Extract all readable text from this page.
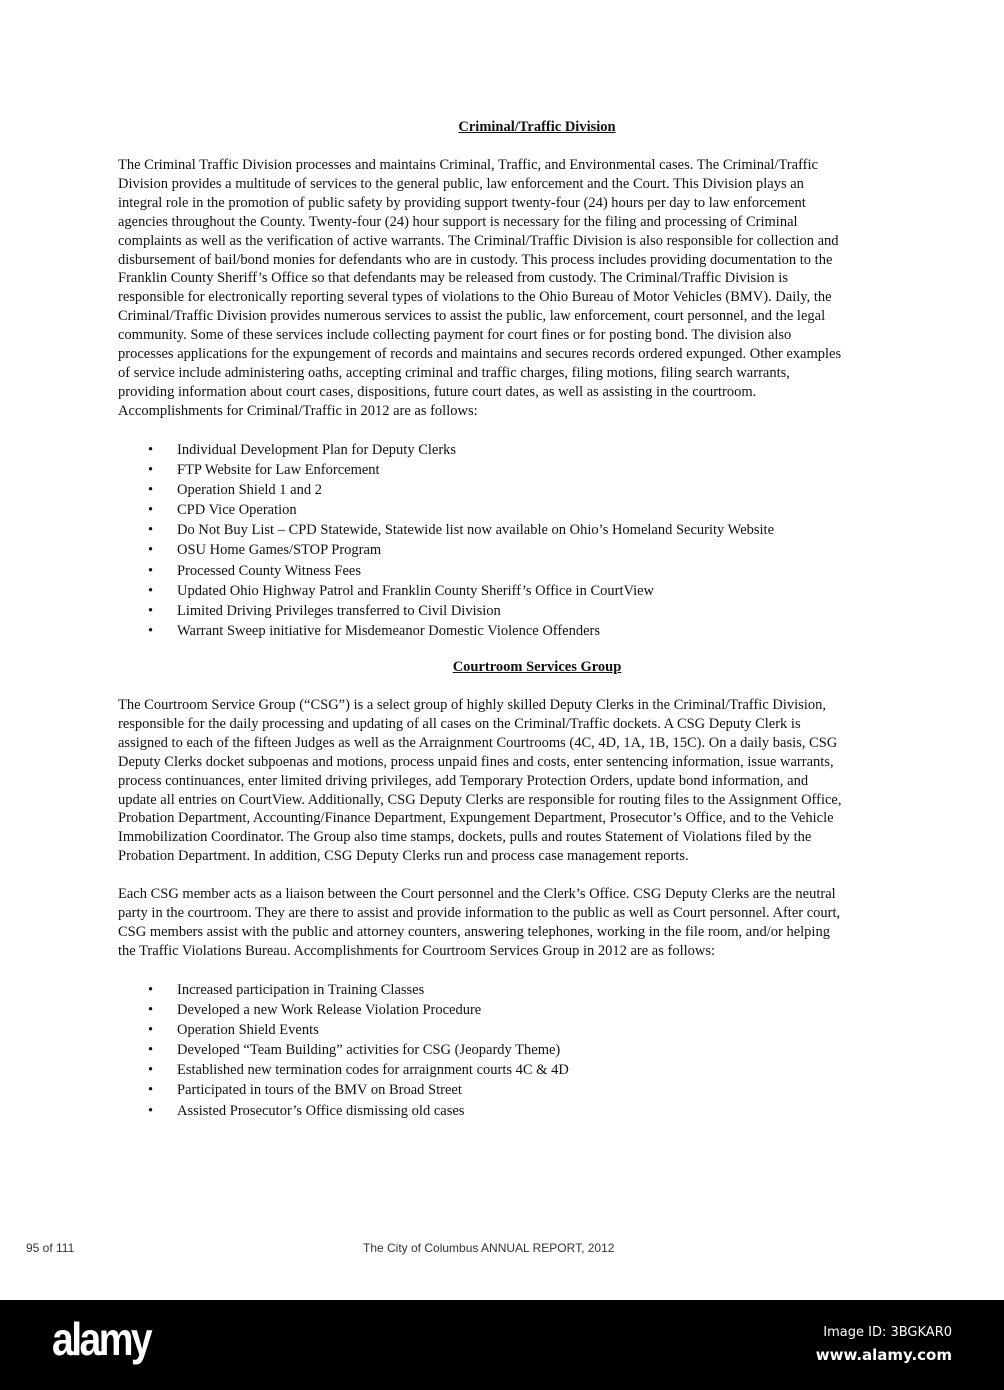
Criminal/Traffic Division
The Criminal Traffic Division processes and maintains Criminal, Traffic, and Environmental cases. The Criminal/Traffic
Division provides a multitude of services to the general public, law enforcement and the Court. This Division plays an
integral role in the promotion of public safety by providing support twenty-four (24) hours per day to law enforcement
agencies throughout the County. Twenty-four (24) hour support is necessary for the filing and processing of Criminal
complaints as well as the verification of active warrants. The Criminal/Traffic Division is also responsible for collection and
disbursement of bail/bond monies for defendants who are in custody. This process includes providing documentation to the
Franklin County Sheriff’s Office so that defendants may be released from custody. The Criminal/Traffic Division is
responsible for electronically reporting several types of violations to the Ohio Bureau of Motor Vehicles (BMV). Daily, the
Criminal/Traffic Division provides numerous services to assist the public, law enforcement, court personnel, and the legal
community. Some of these services include collecting payment for court fines or for posting bond. The division also
processes applications for the expungement of records and maintains and secures records ordered expunged. Other examples
of service include administering oaths, accepting criminal and traffic charges, filing motions, filing search warrants,
providing information about court cases, dispositions, future court dates, as well as assisting in the courtroom.
Accomplishments for Criminal/Traffic in 2012 are as follows:
• Individual Development Plan for Deputy Clerks
• FTP Website for Law Enforcement
• Operation Shield 1 and 2
• CPD Vice Operation
• Do Not Buy List – CPD Statewide, Statewide list now available on Ohio’s Homeland Security Website
• OSU Home Games/STOP Program
• Processed County Witness Fees
• Updated Ohio Highway Patrol and Franklin County Sheriff’s Office in CourtView
• Limited Driving Privileges transferred to Civil Division
• Warrant Sweep initiative for Misdemeanor Domestic Violence Offenders
Courtroom Services Group
The Courtroom Service Group (“CSG”) is a select group of highly skilled Deputy Clerks in the Criminal/Traffic Division,
responsible for the daily processing and updating of all cases on the Criminal/Traffic dockets. A CSG Deputy Clerk is
assigned to each of the fifteen Judges as well as the Arraignment Courtrooms (4C, 4D, 1A, 1B, 15C). On a daily basis, CSG
Deputy Clerks docket subpoenas and motions, process unpaid fines and costs, enter sentencing information, issue warrants,
process continuances, enter limited driving privileges, add Temporary Protection Orders, update bond information, and
update all entries on CourtView. Additionally, CSG Deputy Clerks are responsible for routing files to the Assignment Office,
Probation Department, Accounting/Finance Department, Expungement Department, Prosecutor’s Office, and to the Vehicle
Immobilization Coordinator. The Group also time stamps, dockets, pulls and routes Statement of Violations filed by the
Probation Department. In addition, CSG Deputy Clerks run and process case management reports.
Each CSG member acts as a liaison between the Court personnel and the Clerk’s Office. CSG Deputy Clerks are the neutral
party in the courtroom. They are there to assist and provide information to the public as well as Court personnel. After court,
CSG members assist with the public and attorney counters, answering telephones, working in the file room, and/or helping
the Traffic Violations Bureau. Accomplishments for Courtroom Services Group in 2012 are as follows:
• Increased participation in Training Classes
• Developed a new Work Release Violation Procedure
• Operation Shield Events
• Developed “Team Building” activities for CSG (Jeopardy Theme)
• Established new termination codes for arraignment courts 4C & 4D
• Participated in tours of the BMV on Broad Street
• Assisted Prosecutor’s Office dismissing old cases
95 of 111	The City of Columbus ANNUAL REPORT, 2012
alamy	Image ID: 3BGKAR0
www.alamy.com
